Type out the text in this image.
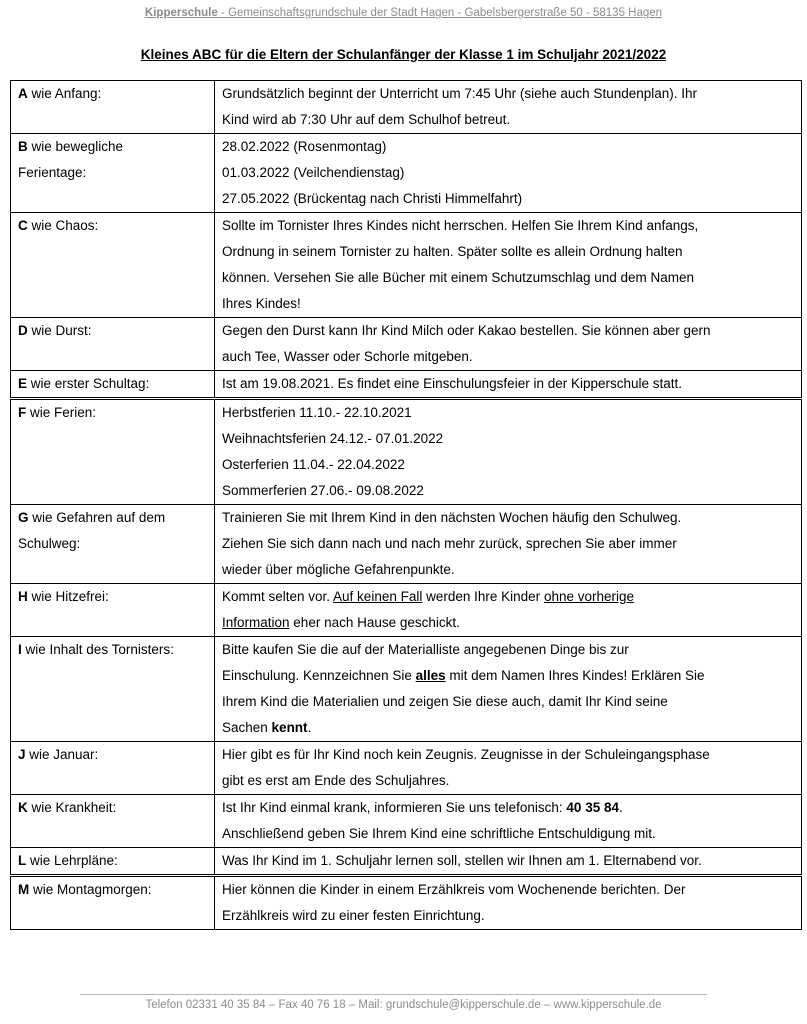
Kipperschule - Gemeinschaftsgrundschule der Stadt Hagen - Gabelsbergerstraße 50 - 58135 Hagen
Kleines ABC für die Eltern der Schulanfänger der Klasse 1 im Schuljahr 2021/2022
A wie Anfang:	Grundsätzlich beginnt der Unterricht um 7:45 Uhr (siehe auch Stundenplan). Ihr
Kind wird ab 7:30 Uhr auf dem Schulhof betreut.

B wie bewegliche
Ferientage:	28.02.2022 (Rosenmontag)
01.03.2022 (Veilchendienstag)
27.05.2022 (Brückentag nach Christi Himmelfahrt)

C wie Chaos:	Sollte im Tornister Ihres Kindes nicht herrschen. Helfen Sie Ihrem Kind anfangs,
Ordnung in seinem Tornister zu halten. Später sollte es allein Ordnung halten
können. Versehen Sie alle Bücher mit einem Schutzumschlag und dem Namen
Ihres Kindes!

D wie Durst:	Gegen den Durst kann Ihr Kind Milch oder Kakao bestellen. Sie können aber gern
auch Tee, Wasser oder Schorle mitgeben.

E wie erster Schultag:	Ist am 19.08.2021. Es findet eine Einschulungsfeier in der Kipperschule statt.

F wie Ferien:	Herbstferien 11.10.- 22.10.2021
Weihnachtsferien 24.12.- 07.01.2022
Osterferien 11.04.- 22.04.2022
Sommerferien 27.06.- 09.08.2022

G wie Gefahren auf dem
Schulweg:	Trainieren Sie mit Ihrem Kind in den nächsten Wochen häufig den Schulweg.
Ziehen Sie sich dann nach und nach mehr zurück, sprechen Sie aber immer
wieder über mögliche Gefahrenpunkte.

H wie Hitzefrei:	Kommt selten vor. Auf keinen Fall werden Ihre Kinder ohne vorherige
Information eher nach Hause geschickt.

I wie Inhalt des Tornisters:	Bitte kaufen Sie die auf der Materialliste angegebenen Dinge bis zur
Einschulung. Kennzeichnen Sie alles mit dem Namen Ihres Kindes! Erklären Sie
Ihrem Kind die Materialien und zeigen Sie diese auch, damit Ihr Kind seine
Sachen kennt.

J wie Januar:	Hier gibt es für Ihr Kind noch kein Zeugnis. Zeugnisse in der Schuleingangsphase
gibt es erst am Ende des Schuljahres.

K wie Krankheit:	Ist Ihr Kind einmal krank, informieren Sie uns telefonisch: 40 35 84.
Anschließend geben Sie Ihrem Kind eine schriftliche Entschuldigung mit.

L wie Lehrpläne:	Was Ihr Kind im 1. Schuljahr lernen soll, stellen wir Ihnen am 1. Elternabend vor.

M wie Montagmorgen:	Hier können die Kinder in einem Erzählkreis vom Wochenende berichten. Der
Erzählkreis wird zu einer festen Einrichtung.
Telefon 02331 40 35 84 – Fax 40 76 18 – Mail: grundschule@kipperschule.de – www.kipperschule.de
